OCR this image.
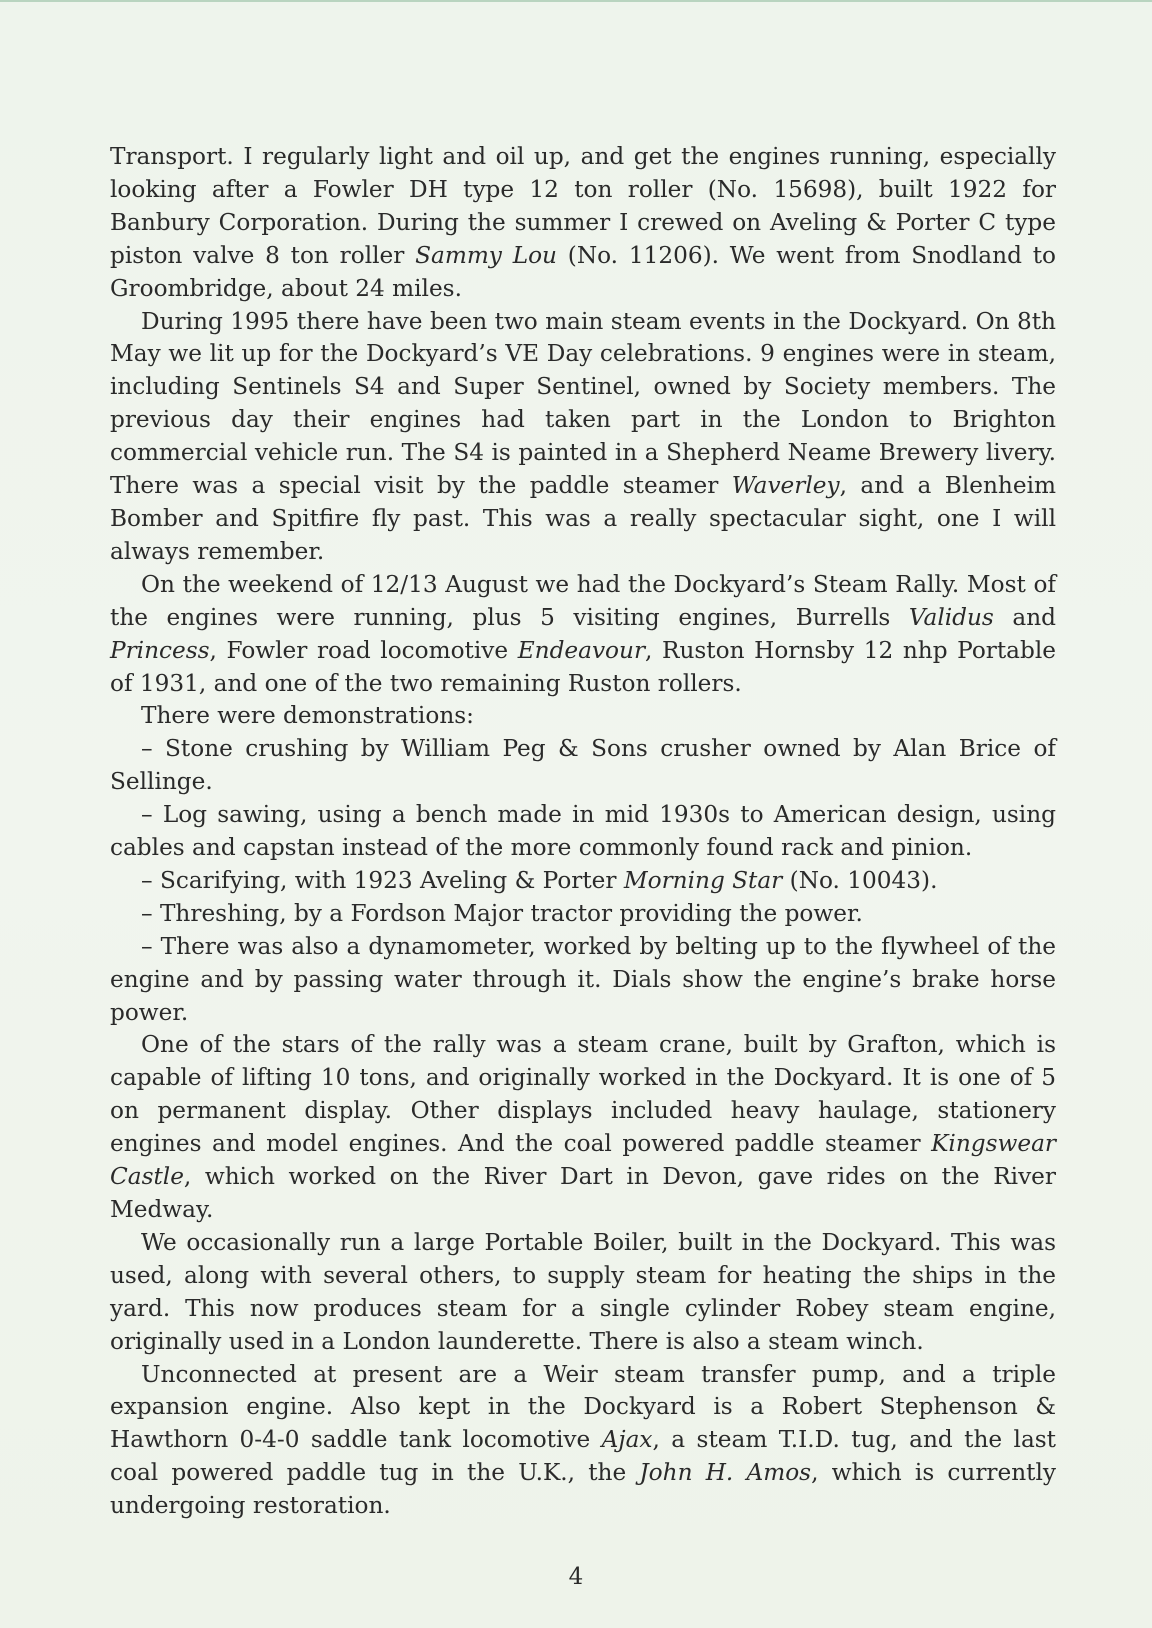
Transport. I regularly light and oil up, and get the engines running, especially looking after a Fowler DH type 12 ton roller (No. 15698), built 1922 for Banbury Corporation. During the summer I crewed on Aveling & Porter C type piston valve 8 ton roller Sammy Lou (No. 11206). We went from Snodland to Groombridge, about 24 miles.

During 1995 there have been two main steam events in the Dockyard. On 8th May we lit up for the Dockyard’s VE Day celebrations. 9 engines were in steam, including Sentinels S4 and Super Sentinel, owned by Society members. The previous day their engines had taken part in the London to Brighton commercial vehicle run. The S4 is painted in a Shepherd Neame Brewery livery. There was a special visit by the paddle steamer Waverley, and a Blenheim Bomber and Spitfire fly past. This was a really spectacular sight, one I will always remember.

On the weekend of 12/13 August we had the Dockyard’s Steam Rally. Most of the engines were running, plus 5 visiting engines, Burrells Validus and Princess, Fowler road locomotive Endeavour, Ruston Hornsby 12 nhp Portable of 1931, and one of the two remaining Ruston rollers.

There were demonstrations:

– Stone crushing by William Peg & Sons crusher owned by Alan Brice of Sellinge.

– Log sawing, using a bench made in mid 1930s to American design, using cables and capstan instead of the more commonly found rack and pinion.

– Scarifying, with 1923 Aveling & Porter Morning Star (No. 10043).

– Threshing, by a Fordson Major tractor providing the power.

– There was also a dynamometer, worked by belting up to the flywheel of the engine and by passing water through it. Dials show the engine’s brake horse power.

One of the stars of the rally was a steam crane, built by Grafton, which is capable of lifting 10 tons, and originally worked in the Dockyard. It is one of 5 on permanent display. Other displays included heavy haulage, stationery engines and model engines. And the coal powered paddle steamer Kingswear Castle, which worked on the River Dart in Devon, gave rides on the River Medway.

We occasionally run a large Portable Boiler, built in the Dockyard. This was used, along with several others, to supply steam for heating the ships in the yard. This now produces steam for a single cylinder Robey steam engine, originally used in a London launderette. There is also a steam winch.

Unconnected at present are a Weir steam transfer pump, and a triple expansion engine. Also kept in the Dockyard is a Robert Stephenson & Hawthorn 0-4-0 saddle tank locomotive Ajax, a steam T.I.D. tug, and the last coal powered paddle tug in the U.K., the John H. Amos, which is currently undergoing restoration.

4
